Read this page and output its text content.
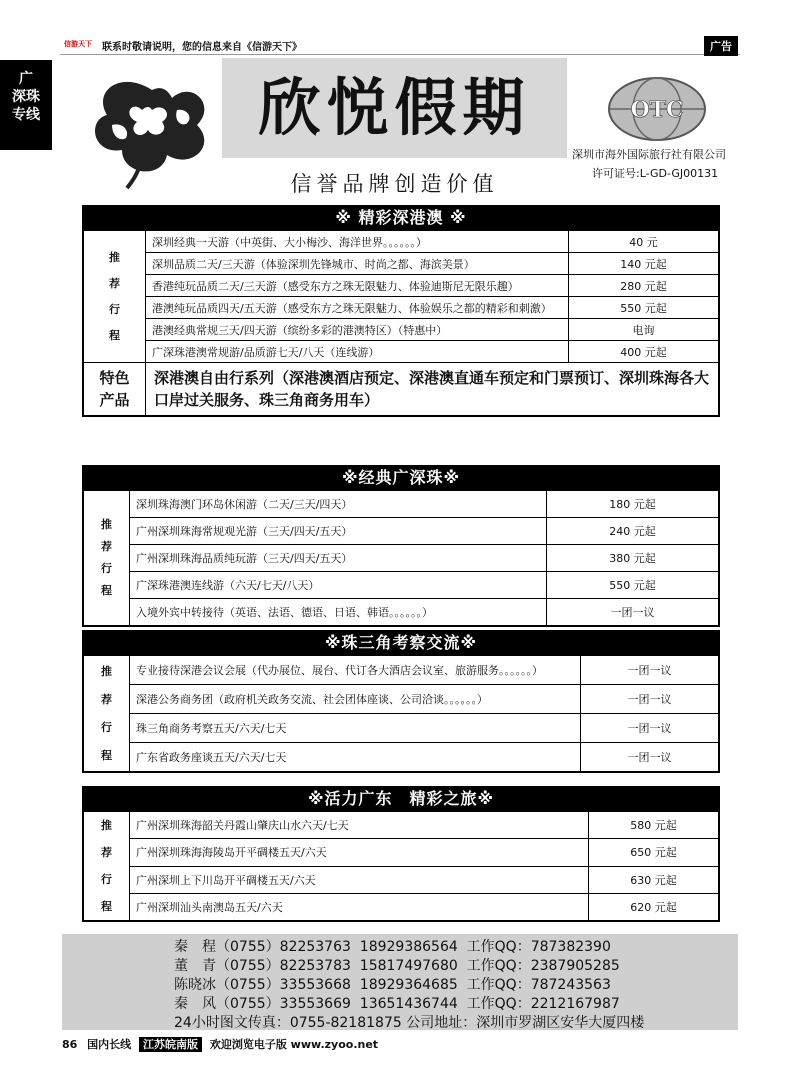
信游天下 联系时敬请说明，您的信息来自《信游天下》	广告
广
深珠
专线	欣悦假期
信誉品牌创造价值
OTC
深圳市海外国际旅行社有限公司
许可证号:L-GD-GJ00131
※ 精彩深港澳 ※
推
荐
行
程	深圳经典一天游（中英街、大小梅沙、海洋世界。。。。。。）	40 元
	深圳品质二天/三天游（体验深圳先锋城市、时尚之都、海滨美景）	140 元起
	香港纯玩品质二天/三天游（感受东方之珠无限魅力、体验迪斯尼无限乐趣）	280 元起
	港澳纯玩品质四天/五天游（感受东方之珠无限魅力、体验娱乐之都的精彩和刺激）	550 元起
	港澳经典常规三天/四天游（缤纷多彩的港澳特区）（特惠中）	电询
	广深珠港澳常规游/品质游七天/八天（连线游）	400 元起

特色
产品	深港澳自由行系列（深港澳酒店预定、深港澳直通车预定和门票预订、深圳珠海各大口岸过关服务、珠三角商务用车）	
※经典广深珠※
推
荐
行
程	深圳珠海澳门环岛休闲游（二天/三天/四天）	180 元起
	广州深圳珠海常规观光游（三天/四天/五天）	240 元起
	广州深圳珠海品质纯玩游（三天/四天/五天）	380 元起
	广深珠港澳连线游（六天/七天/八天）	550 元起
	入境外宾中转接待（英语、法语、德语、日语、韩语。。。。。。）	一团一议
※珠三角考察交流※
推
荐
行
程	专业接待深港会议会展（代办展位、展台、代订各大酒店会议室、旅游服务。。。。。。）	一团一议
	深港公务商务团（政府机关政务交流、社会团体座谈、公司洽谈。。。。。。）	一团一议
	珠三角商务考察五天/六天/七天	一团一议
	广东省政务座谈五天/六天/七天	一团一议
※活力广东　精彩之旅※
推
荐
行
程	广州深圳珠海韶关丹霞山肇庆山水六天/七天	580 元起
	广州深圳珠海海陵岛开平碉楼五天/六天	650 元起
	广州深圳上下川岛开平碉楼五天/六天	630 元起
	广州深圳汕头南澳岛五天/六天	620 元起
秦　程（0755）82253763  18929386564  工作QQ：787382390
董　青（0755）82253783  15817497680  工作QQ：2387905285
陈晓冰（0755）33553668  18929364685  工作QQ：787243563
秦　风（0755）33553669  13651436744  工作QQ：2212167987
24小时图文传真：0755-82181875 公司地址：深圳市罗湖区安华大厦四楼
86 国内长线 江苏皖南版 欢迎浏览电子版 www.zyoo.net
